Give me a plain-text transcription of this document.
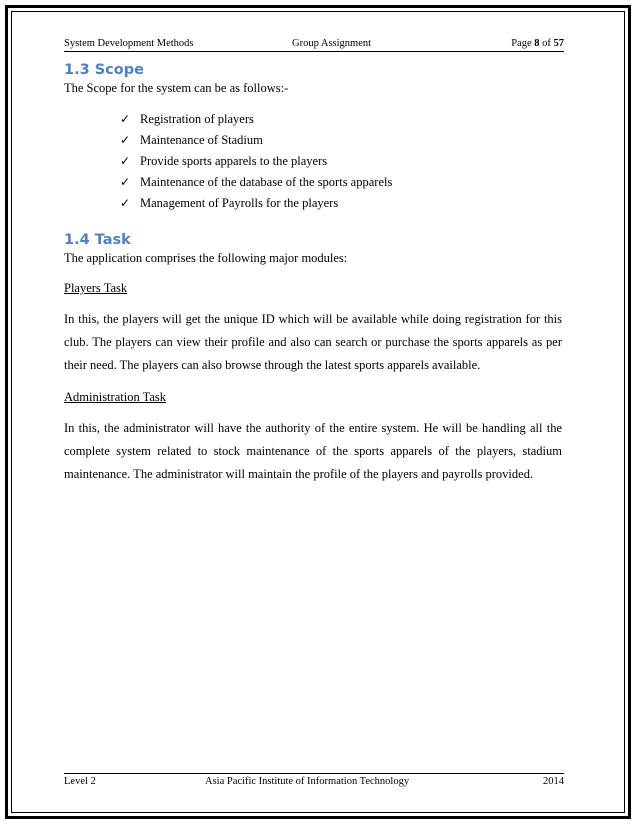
System Development Methods	Group Assignment	Page 8 of 57
1.3 Scope

The Scope for the system can be as follows:-

✓ Registration of players
✓ Maintenance of Stadium
✓ Provide sports apparels to the players
✓ Maintenance of the database of the sports apparels
✓ Management of Payrolls for the players
1.4 Task

The application comprises the following major modules:

Players Task

In this, the players will get the unique ID which will be available while doing registration for this club. The players can view their profile and also can search or purchase the sports apparels as per their need. The players can also browse through the latest sports apparels available.

Administration Task

In this, the administrator will have the authority of the entire system. He will be handling all the complete system related to stock maintenance of the sports apparels of the players, stadium maintenance. The administrator will maintain the profile of the players and payrolls provided.

Level 2	Asia Pacific Institute of Information Technology	2014
